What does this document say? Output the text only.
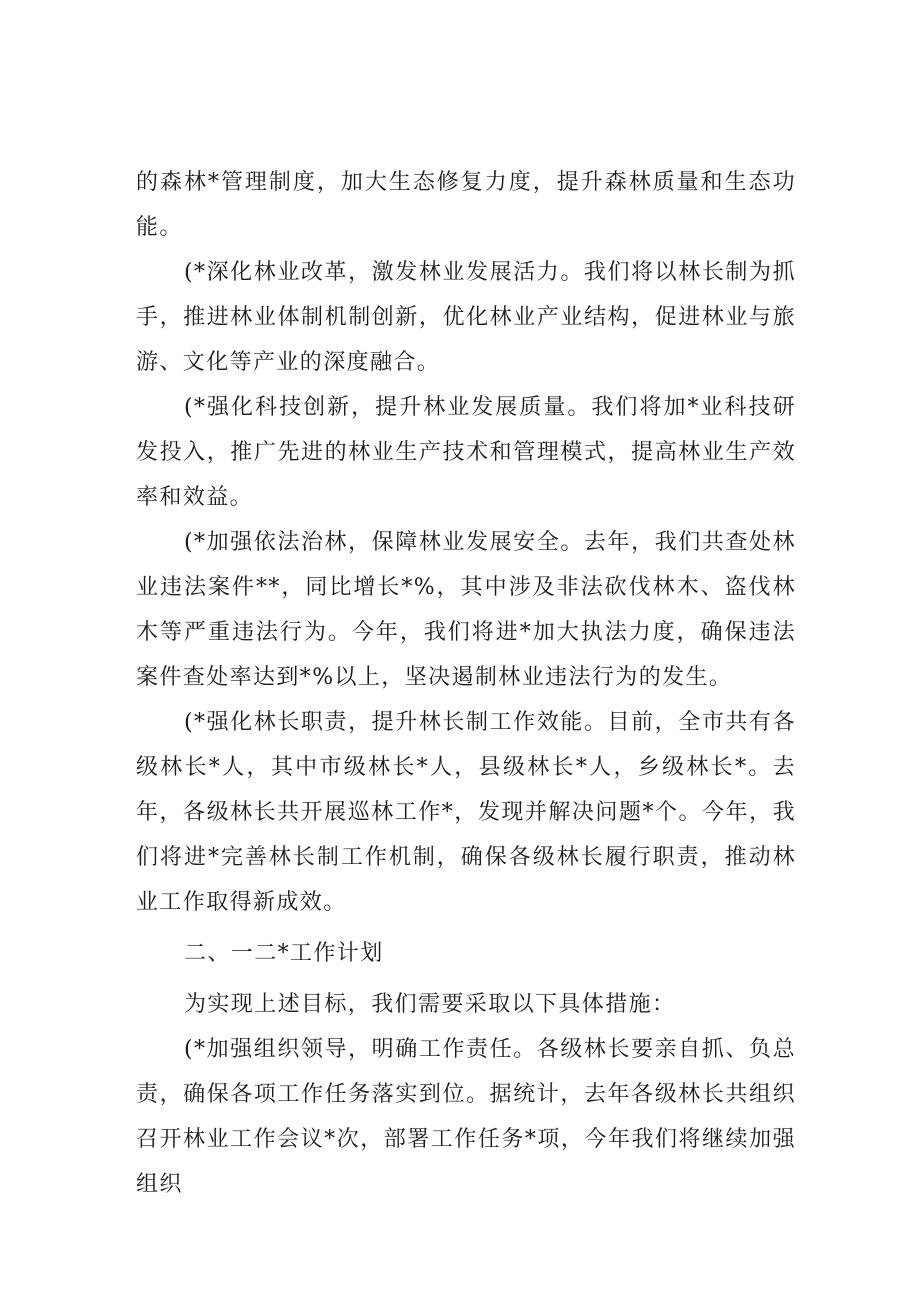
的森林*管理制度，加大生态修复力度，提升森林质量和生态功能。

(*深化林业改革，激发林业发展活力。我们将以林长制为抓手，推进林业体制机制创新，优化林业产业结构，促进林业与旅游、文化等产业的深度融合。

(*强化科技创新，提升林业发展质量。我们将加*业科技研发投入，推广先进的林业生产技术和管理模式，提高林业生产效率和效益。

(*加强依法治林，保障林业发展安全。去年，我们共查处林业违法案件**，同比增长*%，其中涉及非法砍伐林木、盗伐林木等严重违法行为。今年，我们将进*加大执法力度，确保违法案件查处率达到*%以上，坚决遏制林业违法行为的发生。

(*强化林长职责，提升林长制工作效能。目前，全市共有各级林长*人，其中市级林长*人，县级林长*人，乡级林长*。去年，各级林长共开展巡林工作*，发现并解决问题*个。今年，我们将进*完善林长制工作机制，确保各级林长履行职责，推动林业工作取得新成效。

二、一二*工作计划

为实现上述目标，我们需要采取以下具体措施：

(*加强组织领导，明确工作责任。各级林长要亲自抓、负总责，确保各项工作任务落实到位。据统计，去年各级林长共组织召开林业工作会议*次，部署工作任务*项，今年我们将继续加强组织
